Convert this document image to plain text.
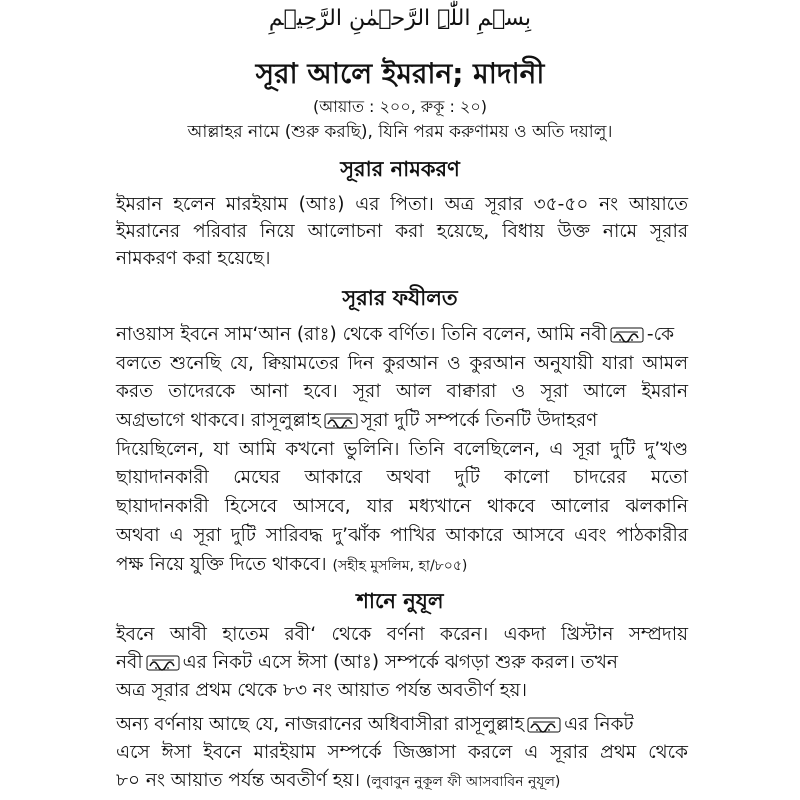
بِسۡمِ اللّٰہِ الرَّحۡمٰنِ الرَّحِیۡمِ
সূরা আলে ইমরান; মাদানী
(আয়াত : ২০০, রুকূ : ২০)
আল্লাহর নামে (শুরু করছি), যিনি পরম করুণাময় ও অতি দয়ালু।
সূরার নামকরণ
ইমরান হলেন মারইয়াম (আঃ) এর পিতা। অত্র সূরার ৩৫-৫০ নং আয়াতে
ইমরানের পরিবার নিয়ে আলোচনা করা হয়েছে, বিধায় উক্ত নামে সূরার
নামকরণ করা হয়েছে।
সূরার ফযীলত
নাওয়াস ইবনে সাম‘আন (রাঃ) থেকে বর্ণিত। তিনি বলেন, আমি নবী -কে
বলতে শুনেছি যে, ক্বিয়ামতের দিন কুরআন ও কুরআন অনুযায়ী যারা আমল
করত তাদেরকে আনা হবে। সূরা আল বাক্বারা ও সূরা আলে ইমরান
অগ্রভাগে থাকবে। রাসূলুল্লাহ সূরা দুটি সম্পর্কে তিনটি উদাহরণ
দিয়েছিলেন, যা আমি কখনো ভুলিনি। তিনি বলেছিলেন, এ সূরা দুটি দু’খণ্ড
ছায়াদানকারী মেঘের আকারে অথবা দুটি কালো চাদরের মতো
ছায়াদানকারী হিসেবে আসবে, যার মধ্যখানে থাকবে আলোর ঝলকানি
অথবা এ সূরা দুটি সারিবদ্ধ দু’ঝাঁক পাখির আকারে আসবে এবং পাঠকারীর
পক্ষ নিয়ে যুক্তি দিতে থাকবে। (সহীহ মুসলিম, হা/৮০৫)
শানে নুযূল
ইবনে আবী হাতেম রবী‘ থেকে বর্ণনা করেন। একদা খ্রিস্টান সম্প্রদায়
নবী এর নিকট এসে ঈসা (আঃ) সম্পর্কে ঝগড়া শুরু করল। তখন
অত্র সূরার প্রথম থেকে ৮৩ নং আয়াত পর্যন্ত অবতীর্ণ হয়।
অন্য বর্ণনায় আছে যে, নাজরানের অধিবাসীরা রাসূলুল্লাহ এর নিকট
এসে ঈসা ইবনে মারইয়াম সম্পর্কে জিজ্ঞাসা করলে এ সূরার প্রথম থেকে
৮০ নং আয়াত পর্যন্ত অবতীর্ণ হয়। (লুবাবুন নুকূল ফী আসবাবিন নুযূল)
